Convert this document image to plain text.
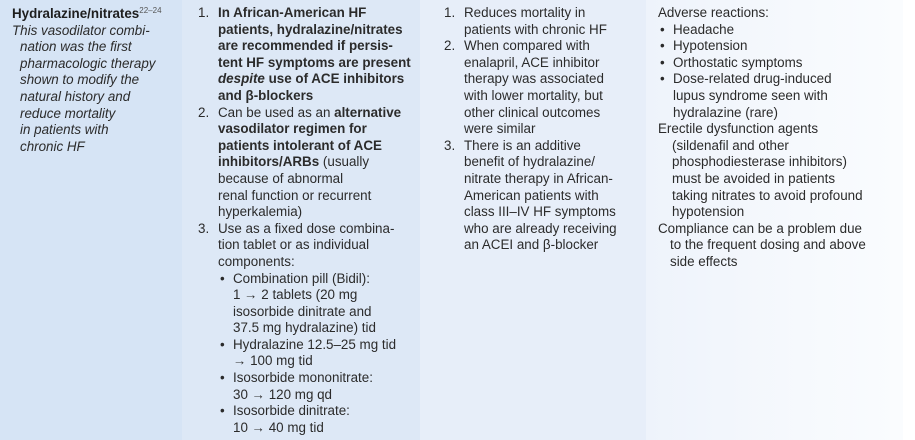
Hydralazine/nitrates$^{22-24}$
This vasodilator combi-
nation was the first
pharmacologic therapy
shown to modify the
natural history and
reduce mortality
in patients with
chronic HF
1. In African-American HF
patients, hydralazine/nitrates
are recommended if persis-
tent HF symptoms are present
despite use of ACE inhibitors
and β-blockers
2. Can be used as an alternative
vasodilator regimen for
patients intolerant of ACE
inhibitors/ARBs (usually
because of abnormal
renal function or recurrent
hyperkalemia)
3. Use as a fixed dose combina-
tion tablet or as individual
components:
• Combination pill (Bidil):
1 → 2 tablets (20 mg
isosorbide dinitrate and
37.5 mg hydralazine) tid
• Hydralazine 12.5–25 mg tid
→ 100 mg tid
• Isosorbide mononitrate:
30 → 120 mg qd
• Isosorbide dinitrate:
10 → 40 mg tid
1. Reduces mortality in
patients with chronic HF
2. When compared with
enalapril, ACE inhibitor
therapy was associated
with lower mortality, but
other clinical outcomes
were similar
3. There is an additive
benefit of hydralazine/
nitrate therapy in African-
American patients with
class III–IV HF symptoms
who are already receiving
an ACEI and β-blocker
Adverse reactions:
• Headache
• Hypotension
• Orthostatic symptoms
• Dose-related drug-induced
lupus syndrome seen with
hydralazine (rare)
Erectile dysfunction agents
(sildenafil and other
phosphodiesterase inhibitors)
must be avoided in patients
taking nitrates to avoid profound
hypotension
Compliance can be a problem due
to the frequent dosing and above
side effects
